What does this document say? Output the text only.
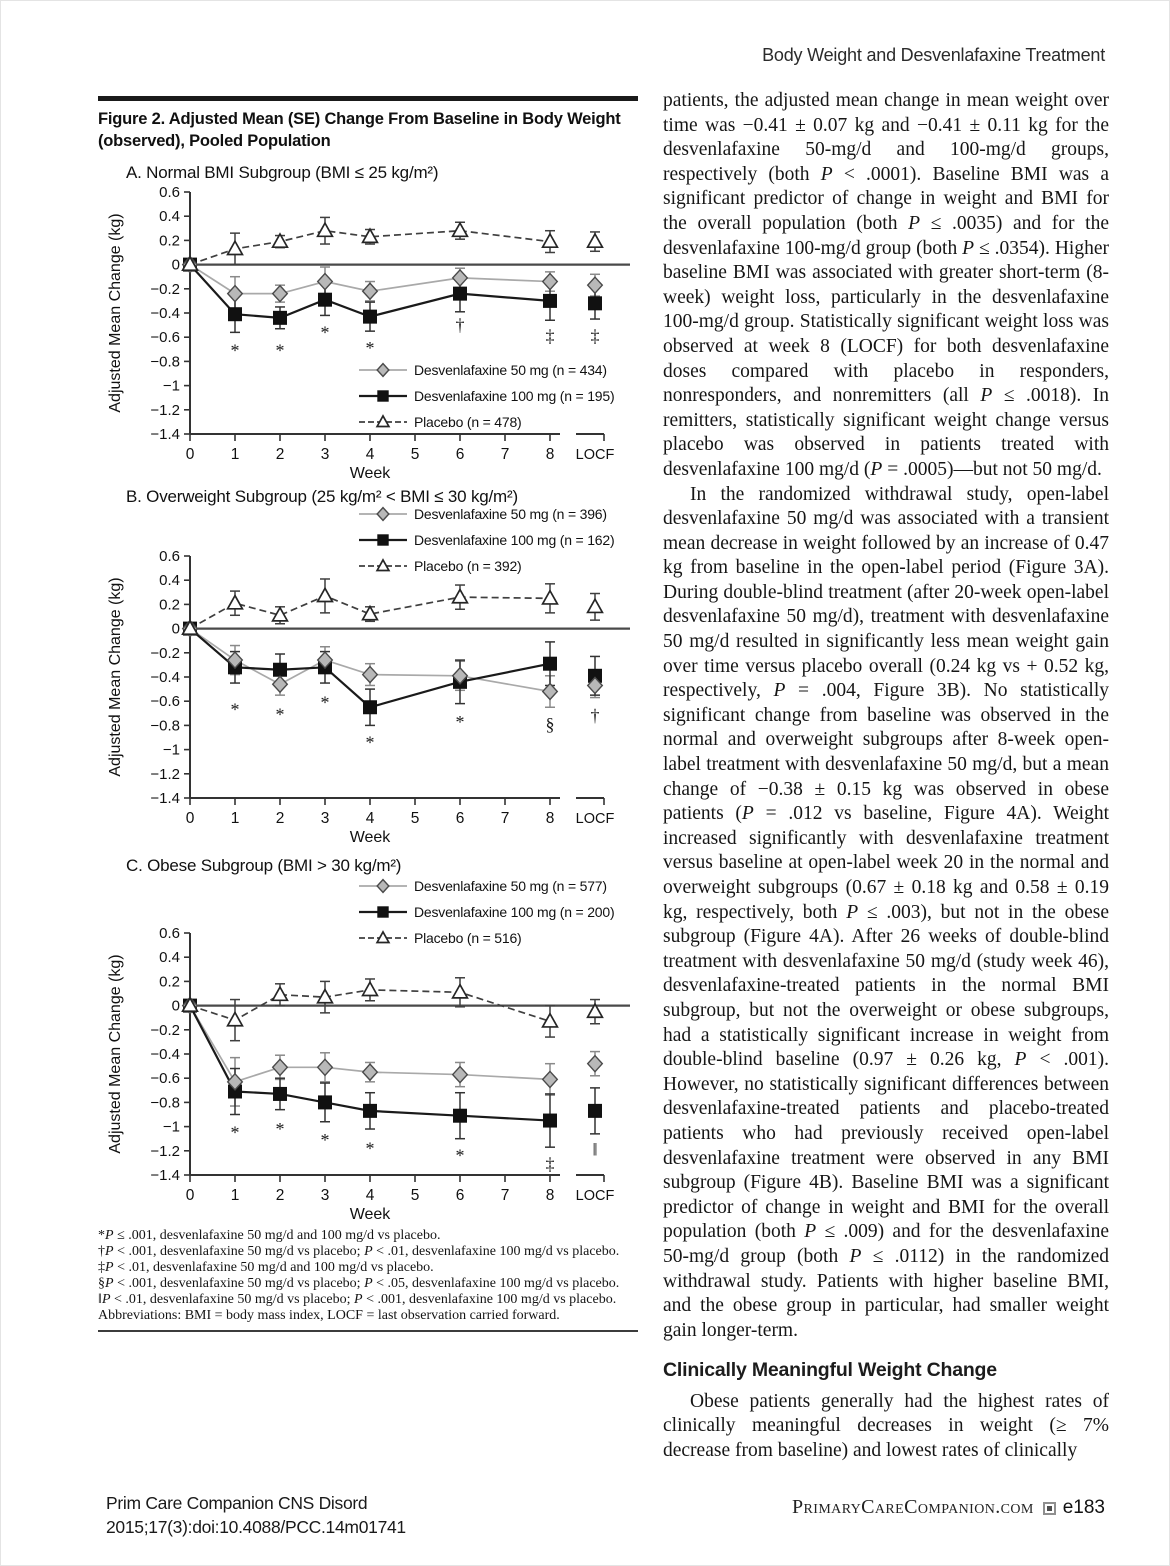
Body Weight and Desvenlafaxine Treatment
Figure 2. Adjusted Mean (SE) Change From Baseline in Body Weight (observed), Pooled Population
A. Normal BMI Subgroup (BMI ≤ 25 kg/m²)
Desvenlafaxine 50 mg (n = 434)
Desvenlafaxine 100 mg (n = 195)
Placebo (n = 478)
0.6
0.4
0.2
0
−0.2
−0.4
−0.6
−0.8
−1
−1.2
−1.4
Adjusted Mean Change (kg)
0 1 2 3 4 5 6 7 8 LOCF
Week
* *
*
*
†
‡ ‡
B. Overweight Subgroup (25 kg/m² < BMI ≤ 30 kg/m²)
Desvenlafaxine 50 mg (n = 396)
Desvenlafaxine 100 mg (n = 162)
Placebo (n = 392)
0.6
0.4
0.2
0
−0.2
−0.4
−0.6
−0.8
−1
−1.2
−1.4
Adjusted Mean Change (kg)
0 1 2 3 4 5 6 7 8 LOCF
Week
* *
*
*
*	§ †
C. Obese Subgroup (BMI > 30 kg/m²)
Desvenlafaxine 50 mg (n = 577)
Desvenlafaxine 100 mg (n = 200)
Placebo (n = 516)
0.6
0.4
0.2
0
−0.2
−0.4
−0.6
−0.8
−1
−1.2
−1.4
Adjusted Mean Change (kg)
0 1 2 3 4 5 6 7 8 LOCF
Week
* *
* *	*	‡
‖
*P ≤ .001, desvenlafaxine 50 mg/d and 100 mg/d vs placebo.
†P < .001, desvenlafaxine 50 mg/d vs placebo; P < .01, desvenlafaxine 100 mg/d vs placebo.
‡P < .01, desvenlafaxine 50 mg/d and 100 mg/d vs placebo.
§P < .001, desvenlafaxine 50 mg/d vs placebo; P < .05, desvenlafaxine 100 mg/d vs placebo.
‖P < .01, desvenlafaxine 50 mg/d vs placebo; P < .001, desvenlafaxine 100 mg/d vs placebo.
Abbreviations: BMI = body mass index, LOCF = last observation carried forward.

patients, the adjusted mean change in mean weight over time was −0.41 ± 0.07 kg and −0.41 ± 0.11 kg for the desvenlafaxine 50-mg/d and 100-mg/d groups, respectively (both P < .0001). Baseline BMI was a significant predictor of change in weight and BMI for the overall population (both P ≤ .0035) and for the desvenlafaxine 100-mg/d group (both P ≤ .0354). Higher baseline BMI was associated with greater short-term (8-week) weight loss, particularly in the desvenlafaxine 100-mg/d group. Statistically significant weight loss was observed at week 8 (LOCF) for both desvenlafaxine doses compared with placebo in responders, nonresponders, and nonremitters (all P ≤ .0018). In remitters, statistically significant weight change versus placebo was observed in patients treated with desvenlafaxine 100 mg/d (P = .0005)—but not 50 mg/d.

In the randomized withdrawal study, open-label desvenlafaxine 50 mg/d was associated with a transient mean decrease in weight followed by an increase of 0.47 kg from baseline in the open-label period (Figure 3A). During double-blind treatment (after 20-week open-label desvenlafaxine 50 mg/d), treatment with desvenlafaxine 50 mg/d resulted in significantly less mean weight gain over time versus placebo overall (0.24 kg vs + 0.52 kg, respectively, P = .004, Figure 3B). No statistically significant change from baseline was observed in the normal and overweight subgroups after 8-week open-label treatment with desvenlafaxine 50 mg/d, but a mean change of −0.38 ± 0.15 kg was observed in obese patients (P = .012 vs baseline, Figure 4A). Weight increased significantly with desvenlafaxine treatment versus baseline at open-label week 20 in the normal and overweight subgroups (0.67 ± 0.18 kg and 0.58 ± 0.19 kg, respectively, both P ≤ .003), but not in the obese subgroup (Figure 4A). After 26 weeks of double-blind treatment with desvenlafaxine 50 mg/d (study week 46), desvenlafaxine-treated patients in the normal BMI subgroup, but not the overweight or obese subgroups, had a statistically significant increase in weight from double-blind baseline (0.97 ± 0.26 kg, P < .001). However, no statistically significant differences between desvenlafaxine-treated patients and placebo-treated patients who had previously received open-label desvenlafaxine treatment were observed in any BMI subgroup (Figure 4B). Baseline BMI was a significant predictor of change in weight and BMI for the overall population (both P ≤ .009) and for the desvenlafaxine 50-mg/d group (both P ≤ .0112) in the randomized withdrawal study. Patients with higher baseline BMI, and the obese group in particular, had smaller weight gain longer-term.

Clinically Meaningful Weight Change

Obese patients generally had the highest rates of clinically meaningful decreases in weight (≥ 7% decrease from baseline) and lowest rates of clinically

Prim Care Companion CNS Disord
2015;17(3):doi:10.4088/PCC.14m01741
PrimaryCareCompanion.com e183
